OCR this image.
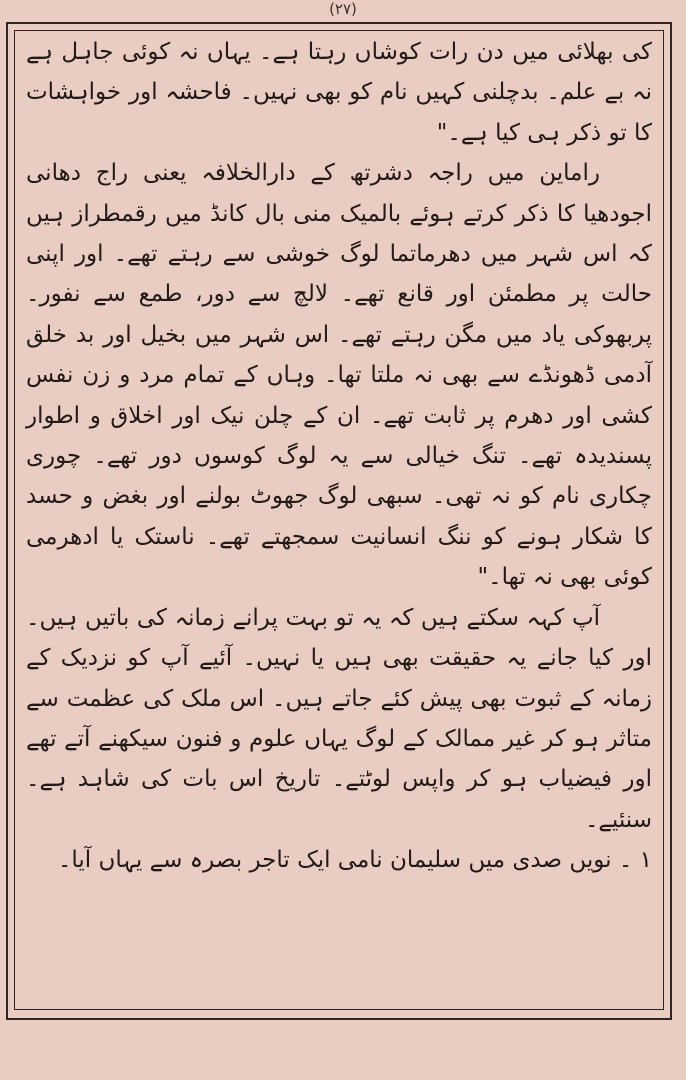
(۲۷)

کی بھلائی میں دن رات کوشاں رہتا ہے۔ یہاں نہ کوئی جاہل ہے نہ بے علم۔ بدچلنی کہیں نام کو بھی نہیں۔ فاحشہ اور خواہشات کا تو ذکر ہی کیا ہے۔"

راماین میں راجہ دشرتھ کے دارالخلافہ یعنی راج دھانی اجودھیا کا ذکر کرتے ہوئے بالمیک منی بال کانڈ میں رقمطراز ہیں کہ اس شہر میں دھرماتما لوگ خوشی سے رہتے تھے۔ اور اپنی حالت پر مطمئن اور قانع تھے۔ لالچ سے دور، طمع سے نفور۔ پربھوکی یاد میں مگن رہتے تھے۔ اس شہر میں بخیل اور بد خلق آدمی ڈھونڈے سے بھی نہ ملتا تھا۔ وہاں کے تمام مرد و زن نفس کشی اور دھرم پر ثابت تھے۔ ان کے چلن نیک اور اخلاق و اطوار پسندیدہ تھے۔ تنگ خیالی سے یہ لوگ کوسوں دور تھے۔ چوری چکاری نام کو نہ تھی۔ سبھی لوگ جھوٹ بولنے اور بغض و حسد کا شکار ہونے کو ننگ انسانیت سمجھتے تھے۔ ناستک یا ادھرمی کوئی بھی نہ تھا۔"

آپ کہہ سکتے ہیں کہ یہ تو بہت پرانے زمانہ کی باتیں ہیں۔ اور کیا جانے یہ حقیقت بھی ہیں یا نہیں۔ آئیے آپ کو نزدیک کے زمانہ کے ثبوت بھی پیش کئے جاتے ہیں۔ اس ملک کی عظمت سے متاثر ہو کر غیر ممالک کے لوگ یہاں علوم و فنون سیکھنے آتے تھے اور فیضیاب ہو کر واپس لوٹتے۔ تاریخ اس بات کی شاہد ہے۔ سنئیے۔

۱ ۔ نویں صدی میں سلیمان نامی ایک تاجر بصرہ سے یہاں آیا۔
